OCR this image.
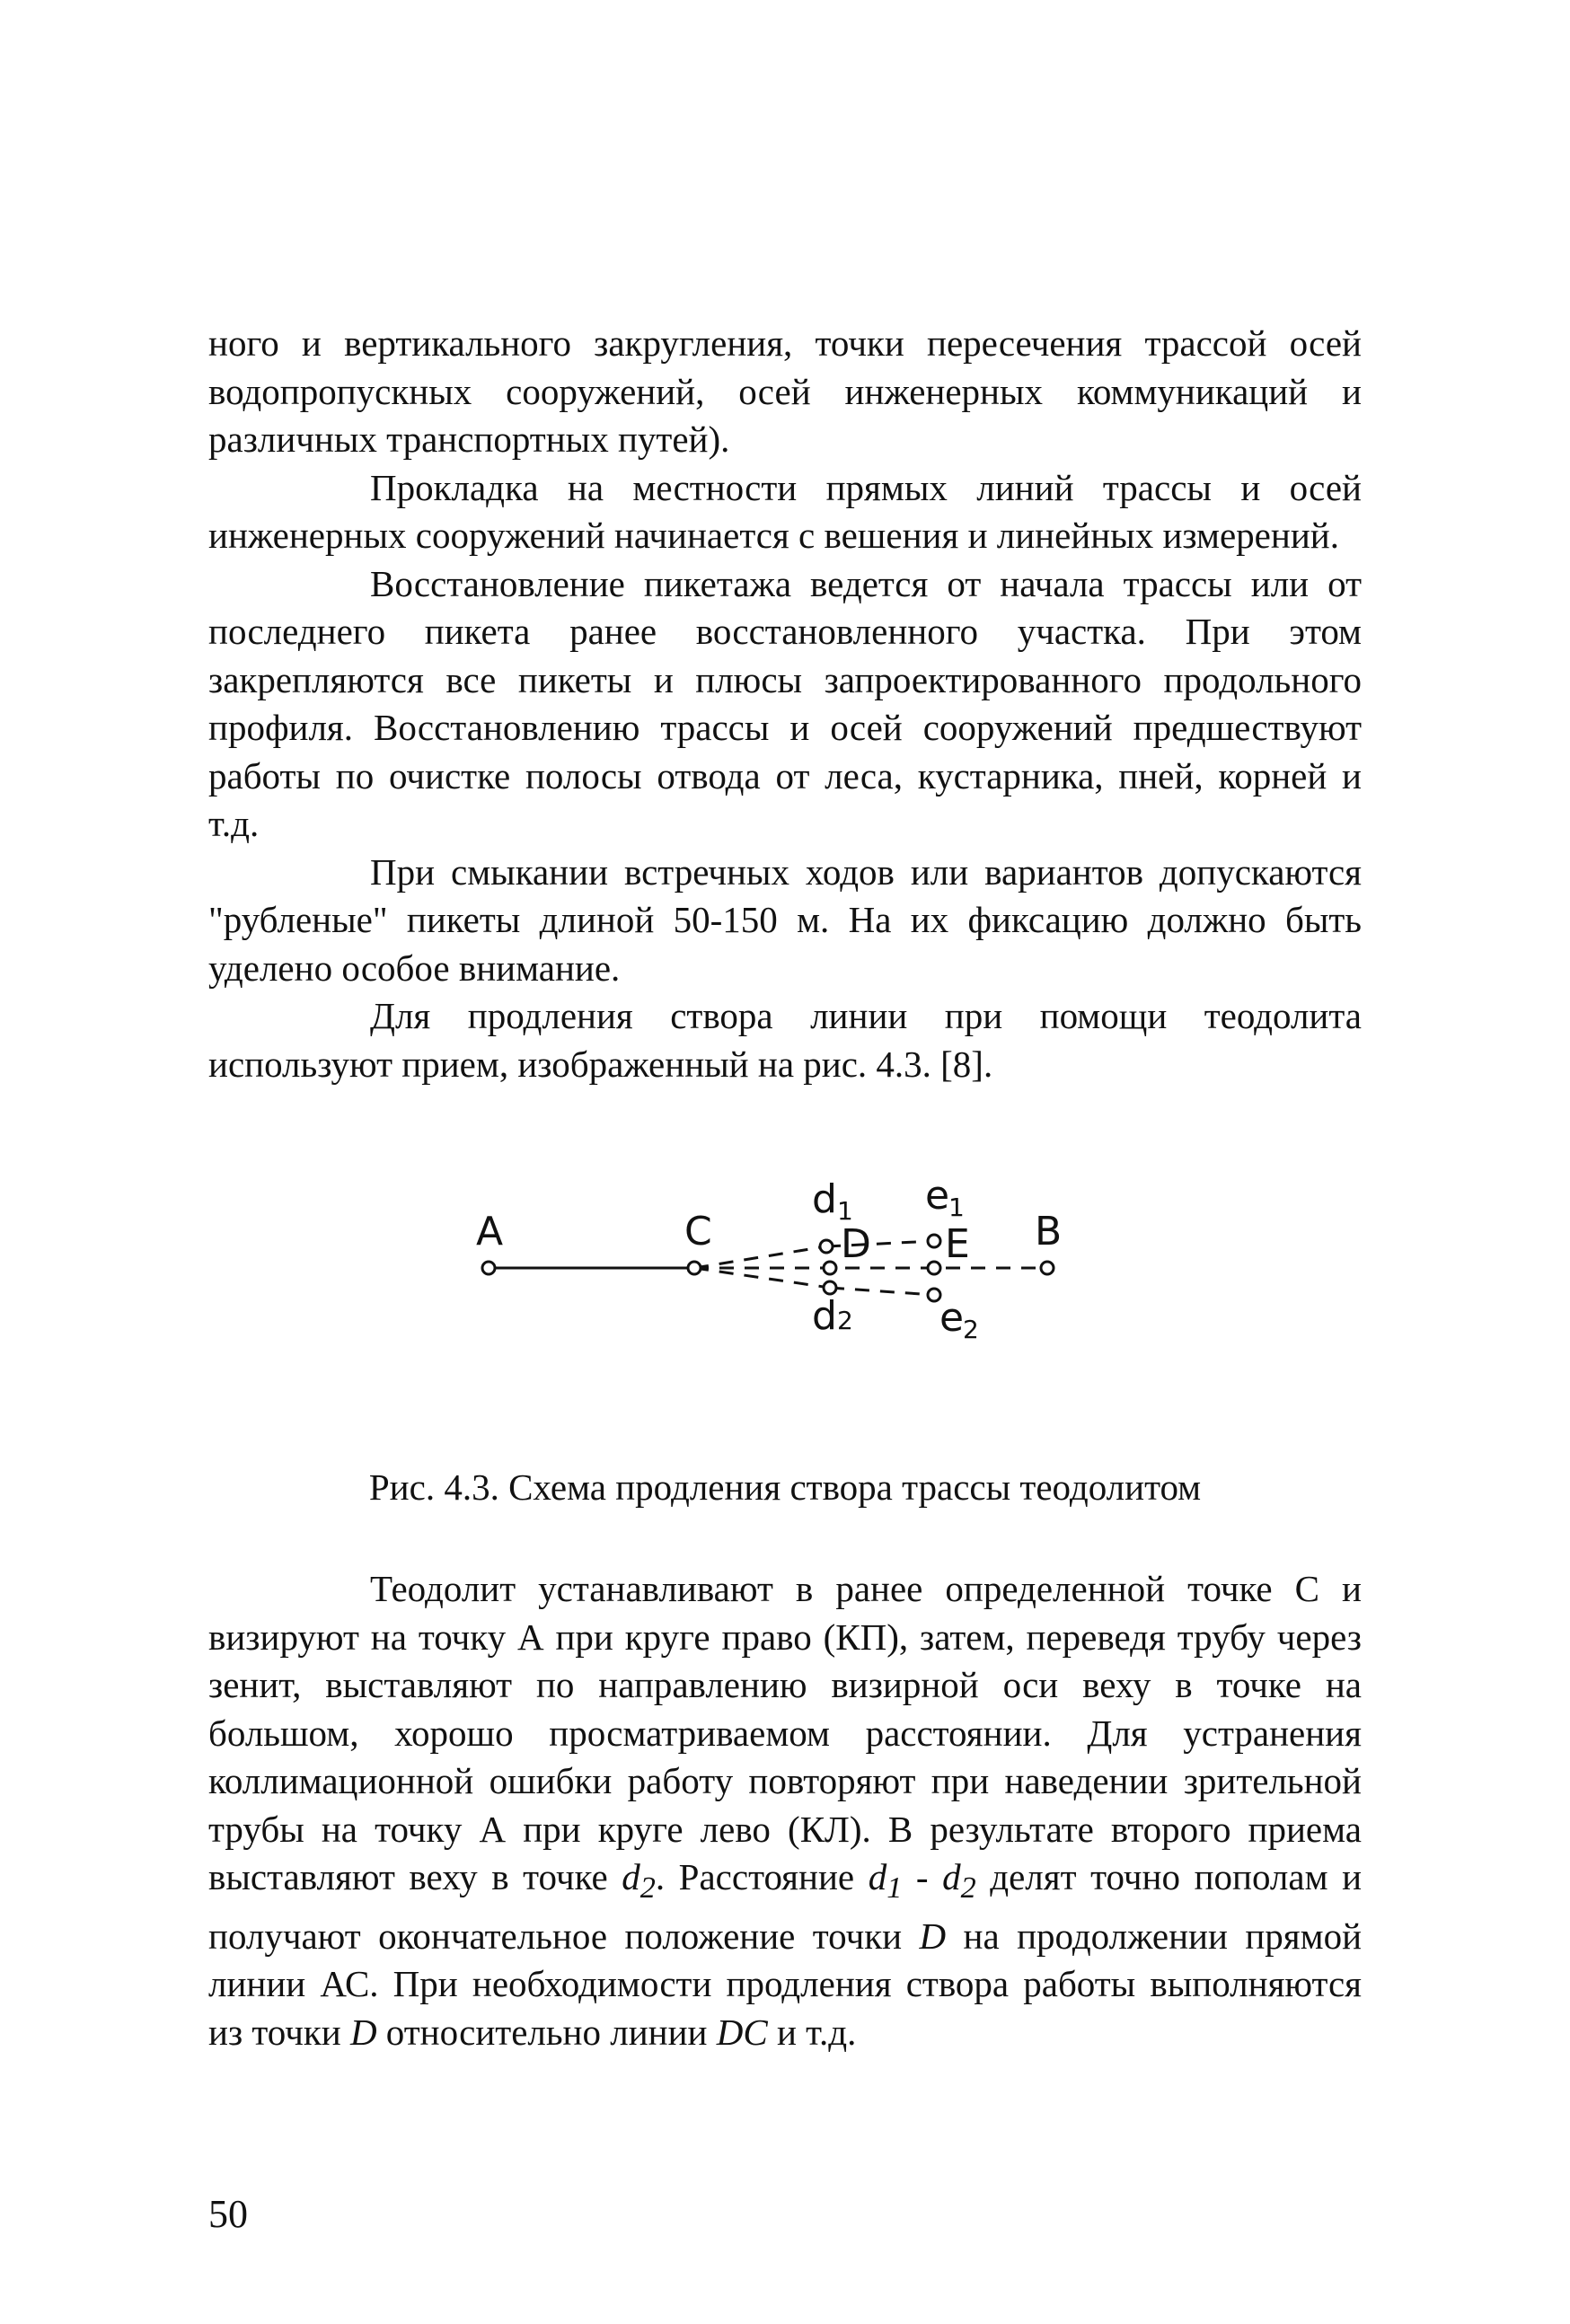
ного и вертикального закругления, точки пересечения трассой осей водопропускных сооружений, осей инженерных коммуникаций и различных транспортных путей).

Прокладка на местности прямых линий трассы и осей инженерных сооружений начинается с вешения и линейных измерений.

Восстановление пикетажа ведется от начала трассы или от последнего пикета ранее восстановленного участка. При этом закрепляются все пикеты и плюсы запроектированного продольного профиля. Восстановлению трассы и осей сооружений предшествуют работы по очистке полосы отвода от леса, кустарника, пней, корней и т.д.

При смыкании встречных ходов или вариантов допускаются "рубленые" пикеты длиной 50-150 м. На их фиксацию должно быть уделено особое внимание.

Для продления створа линии при помощи теодолита используют прием, изображенный на рис. 4.3. [8].

A	C	D E B
d 1 e
1
d 2 e
2

Рис. 4.3. Схема продления створа трассы теодолитом

Теодолит устанавливают в ранее определенной точке С и визируют на точку А при круге право (КП), затем, переведя трубу через зенит, выставляют по направлению визирной оси веху в точке на большом, хорошо просматриваемом расстоянии. Для устранения коллимационной ошибки работу повторяют при наведении зрительной трубы на точку А при круге лево (КЛ). В результате второго приема выставляют веху в точке $d_2$. Расстояние $d_1 - d_2$ делят точно пополам и получают окончательное положение точки D на продолжении прямой линии АС. При необходимости продления створа работы выполняются из точки D относительно линии DC и т.д.

50
